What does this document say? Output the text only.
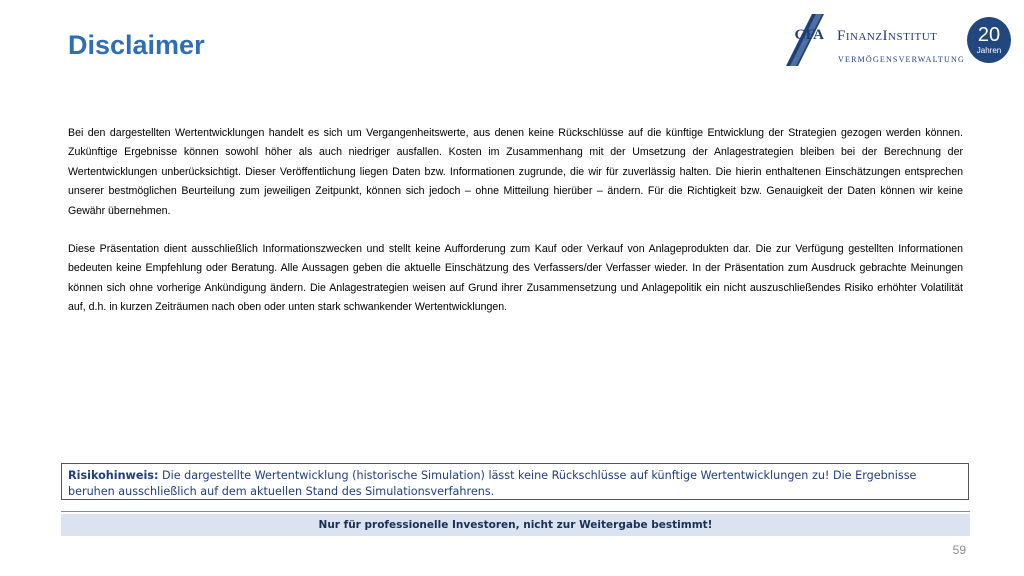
Disclaimer	GFA FinanzInstitut
VERMÖGENSVERWALTUNG
20
Jahren

Bei den dargestellten Wertentwicklungen handelt es sich um Vergangenheitswerte, aus denen keine Rückschlüsse auf die künftige Entwicklung der Strategien gezogen werden können. Zukünftige Ergebnisse können sowohl höher als auch niedriger ausfallen. Kosten im Zusammenhang mit der Umsetzung der Anlagestrategien bleiben bei der Berechnung der Wertentwicklungen unberücksichtigt. Dieser Veröffentlichung liegen Daten bzw. Informationen zugrunde, die wir für zuverlässig halten. Die hierin enthaltenen Einschätzungen entsprechen unserer bestmöglichen Beurteilung zum jeweiligen Zeitpunkt, können sich jedoch – ohne Mitteilung hierüber – ändern. Für die Richtigkeit bzw. Genauigkeit der Daten können wir keine Gewähr übernehmen.

Diese Präsentation dient ausschließlich Informationszwecken und stellt keine Aufforderung zum Kauf oder Verkauf von Anlageprodukten dar. Die zur Verfügung gestellten Informationen bedeuten keine Empfehlung oder Beratung. Alle Aussagen geben die aktuelle Einschätzung des Verfassers/der Verfasser wieder. In der Präsentation zum Ausdruck gebrachte Meinungen können sich ohne vorherige Ankündigung ändern. Die Anlagestrategien weisen auf Grund ihrer Zusammensetzung und Anlagepolitik ein nicht auszuschließendes Risiko erhöhter Volatilität auf, d.h. in kurzen Zeiträumen nach oben oder unten stark schwankender Wertentwicklungen.

Risikohinweis: Die dargestellte Wertentwicklung (historische Simulation) lässt keine Rückschlüsse auf künftige Wertentwicklungen zu! Die Ergebnisse beruhen ausschließlich auf dem aktuellen Stand des Simulationsverfahrens.
Nur für professionelle Investoren, nicht zur Weitergabe bestimmt!
59
